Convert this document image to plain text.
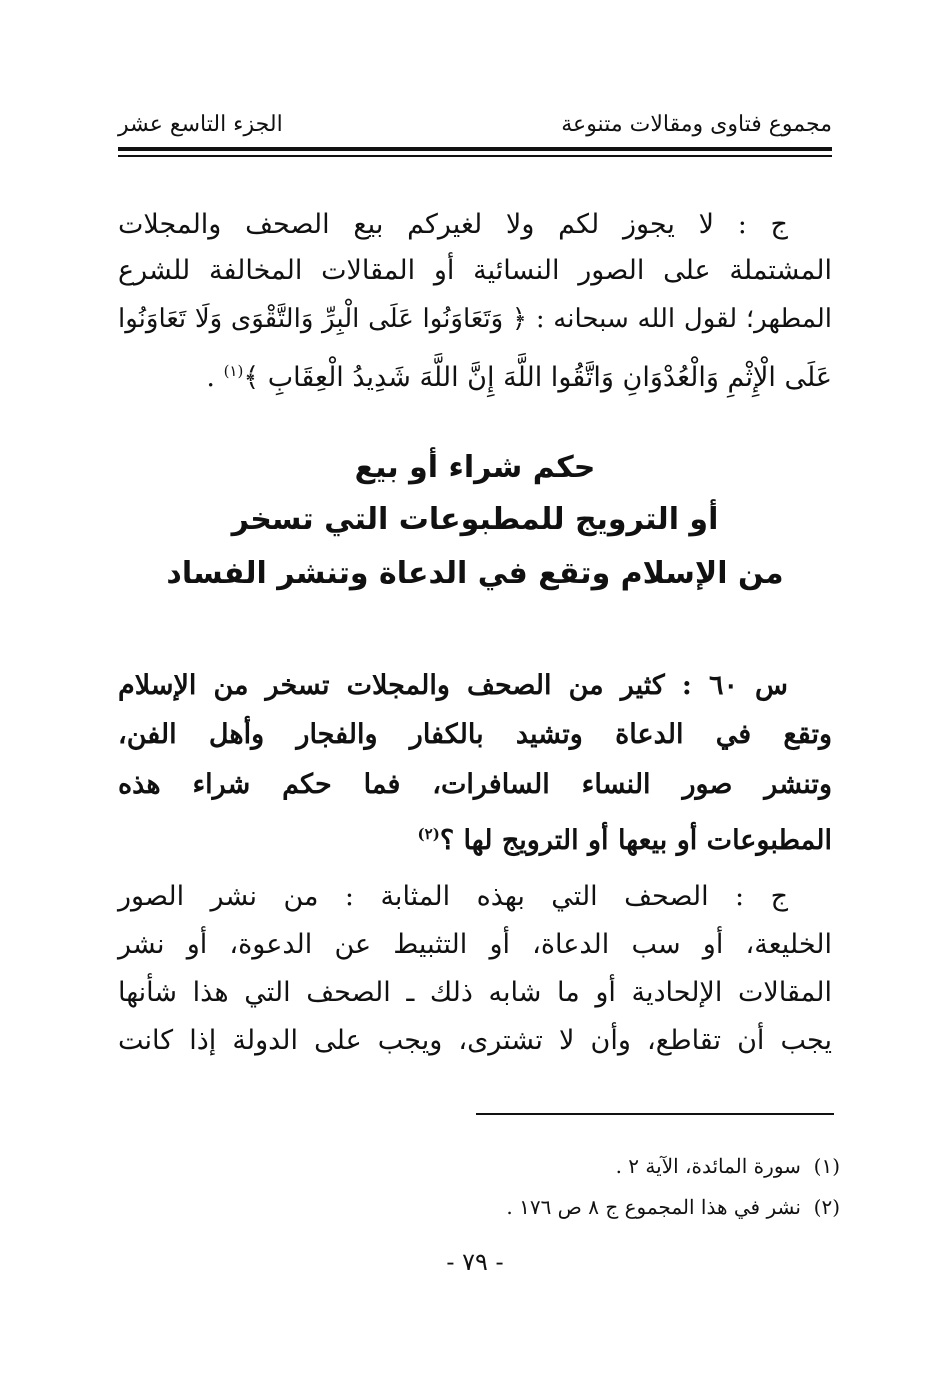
مجموع فتاوى ومقالات متنوعة
الجزء التاسع عشر
ج : لا يجوز لكم ولا لغيركم بيع الصحف والمجلات
المشتملة على الصور النسائية أو المقالات المخالفة للشرع
المطهر؛ لقول الله سبحانه : ﴿ وَتَعَاوَنُوا عَلَى الْبِرِّ وَالتَّقْوَى وَلَا تَعَاوَنُوا
عَلَى الْإِثْمِ وَالْعُدْوَانِ وَاتَّقُوا اللَّهَ إِنَّ اللَّهَ شَدِيدُ الْعِقَابِ ﴾$^{(١)}$ .
حكم شراء أو بيع
أو الترويج للمطبوعات التي تسخر
من الإسلام وتقع في الدعاة وتنشر الفساد
س ٦٠ : كثير من الصحف والمجلات تسخر من الإسلام
وتقع في الدعاة وتشيد بالكفار والفجار وأهل الفن،
وتنشر صور النساء السافرات، فما حكم شراء هذه
المطبوعات أو بيعها أو الترويج لها ؟$^{(٢)}$
ج : الصحف التي بهذه المثابة : من نشر الصور
الخليعة، أو سب الدعاة، أو التثبيط عن الدعوة، أو نشر
المقالات الإلحادية أو ما شابه ذلك ـ الصحف التي هذا شأنها
يجب أن تقاطع، وأن لا تشترى، ويجب على الدولة إذا كانت
(١)  سورة المائدة، الآية ٢ .
(٢)  نشر في هذا المجموع ج ٨ ص ١٧٦ .
- ٧٩ -
